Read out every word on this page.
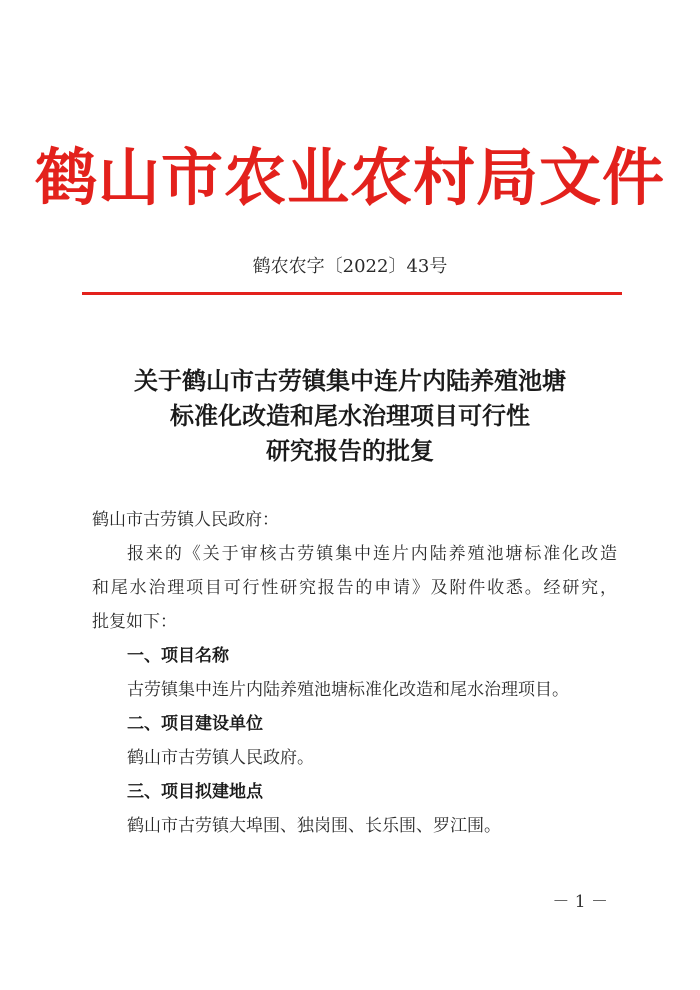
鹤山市农业农村局文件
鹤农农字〔2022〕43号
关于鹤山市古劳镇集中连片内陆养殖池塘
标准化改造和尾水治理项目可行性
研究报告的批复
鹤山市古劳镇人民政府：
报来的《关于审核古劳镇集中连片内陆养殖池塘标准化改造
和尾水治理项目可行性研究报告的申请》及附件收悉。经研究，
批复如下：
一、项目名称
古劳镇集中连片内陆养殖池塘标准化改造和尾水治理项目。
二、项目建设单位
鹤山市古劳镇人民政府。
三、项目拟建地点
鹤山市古劳镇大埠围、独岗围、长乐围、罗江围。
－ 1 －
